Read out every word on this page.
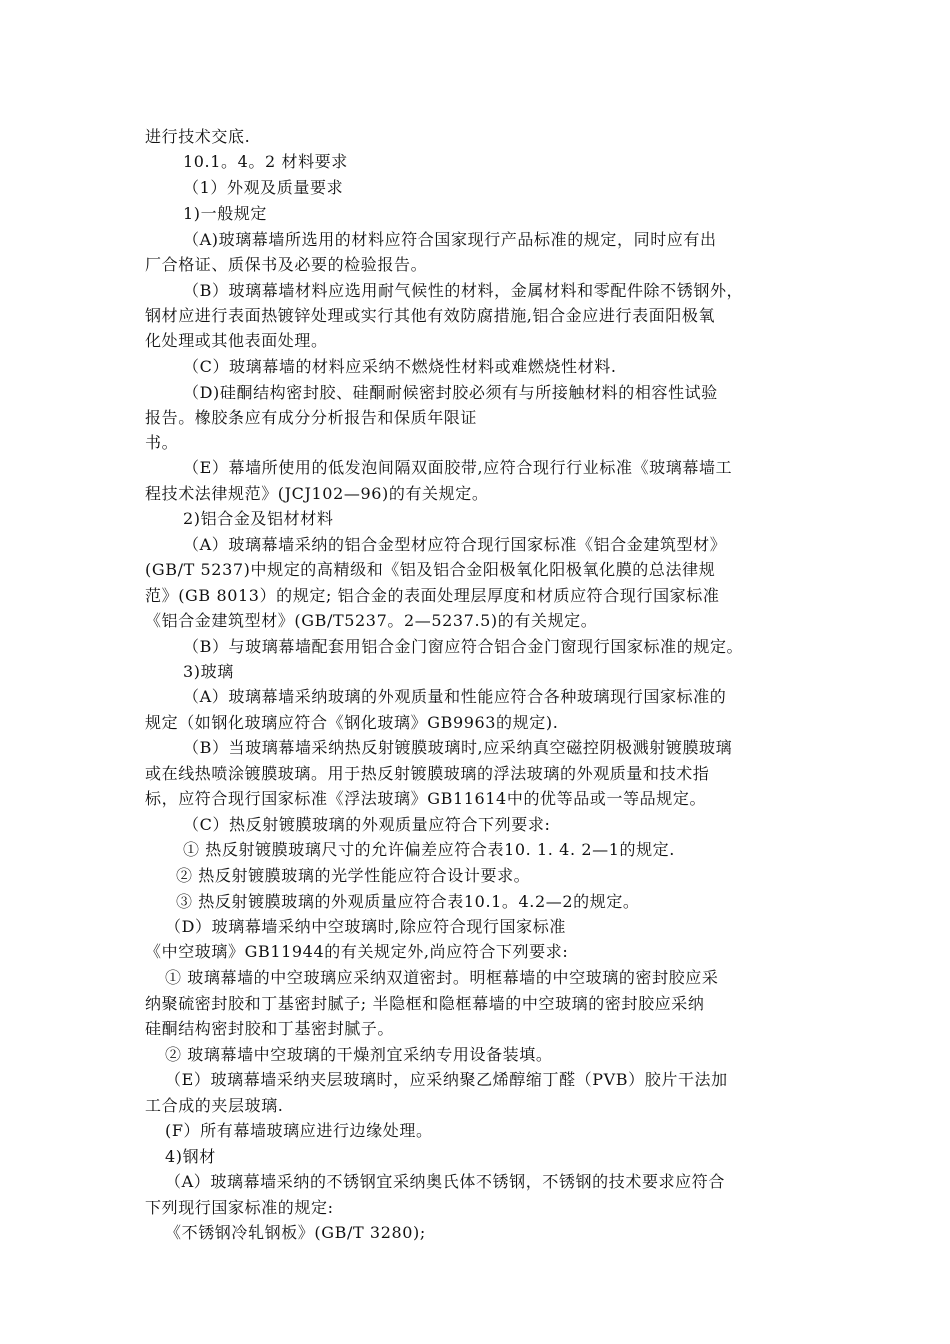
进行技术交底.

10.1。4。2 材料要求

（1）外观及质量要求

1)一般规定

（A)玻璃幕墙所选用的材料应符合国家现行产品标准的规定，同时应有出

厂合格证、质保书及必要的检验报告。

（B）玻璃幕墙材料应选用耐气候性的材料，金属材料和零配件除不锈钢外，

钢材应进行表面热镀锌处理或实行其他有效防腐措施,铝合金应进行表面阳极氧

化处理或其他表面处理。

（C）玻璃幕墙的材料应采纳不燃烧性材料或难燃烧性材料.

（D)硅酮结构密封胶、硅酮耐候密封胶必须有与所接触材料的相容性试验

报告。橡胶条应有成分分析报告和保质年限证

书。

（E）幕墙所使用的低发泡间隔双面胶带,应符合现行行业标准《玻璃幕墙工

程技术法律规范》(JCJ102—96)的有关规定。

2)铝合金及铝材材料

（A）玻璃幕墙采纳的铝合金型材应符合现行国家标准《铝合金建筑型材》

(GB/T 5237)中规定的高精级和《铝及铝合金阳极氧化阳极氧化膜的总法律规

范》(GB 8013）的规定; 铝合金的表面处理层厚度和材质应符合现行国家标准

《铝合金建筑型材》(GB/T5237。2—5237.5)的有关规定。

（B）与玻璃幕墙配套用铝合金门窗应符合铝合金门窗现行国家标准的规定。

3)玻璃

（A）玻璃幕墙采纳玻璃的外观质量和性能应符合各种玻璃现行国家标准的

规定（如钢化玻璃应符合《钢化玻璃》GB9963的规定).

（B）当玻璃幕墙采纳热反射镀膜玻璃时,应采纳真空磁控阴极溅射镀膜玻璃

或在线热喷涂镀膜玻璃。用于热反射镀膜玻璃的浮法玻璃的外观质量和技术指

标，应符合现行国家标准《浮法玻璃》GB11614中的优等品或一等品规定。

（C）热反射镀膜玻璃的外观质量应符合下列要求:

① 热反射镀膜玻璃尺寸的允许偏差应符合表10. 1. 4. 2—1的规定.

② 热反射镀膜玻璃的光学性能应符合设计要求。

③ 热反射镀膜玻璃的外观质量应符合表10.1。4.2—2的规定。

（D）玻璃幕墙采纳中空玻璃时,除应符合现行国家标准

《中空玻璃》GB11944的有关规定外,尚应符合下列要求:

① 玻璃幕墙的中空玻璃应采纳双道密封。明框幕墙的中空玻璃的密封胶应采

纳聚硫密封胶和丁基密封腻子; 半隐框和隐框幕墙的中空玻璃的密封胶应采纳

硅酮结构密封胶和丁基密封腻子。

② 玻璃幕墙中空玻璃的干燥剂宜采纳专用设备装填。

（E）玻璃幕墙采纳夹层玻璃时，应采纳聚乙烯醇缩丁醛（PVB）胶片干法加

工合成的夹层玻璃.

(F）所有幕墙玻璃应进行边缘处理。

4)钢材

（A）玻璃幕墙采纳的不锈钢宜采纳奥氏体不锈钢，不锈钢的技术要求应符合

下列现行国家标准的规定:

《不锈钢冷轧钢板》(GB/T 3280);
